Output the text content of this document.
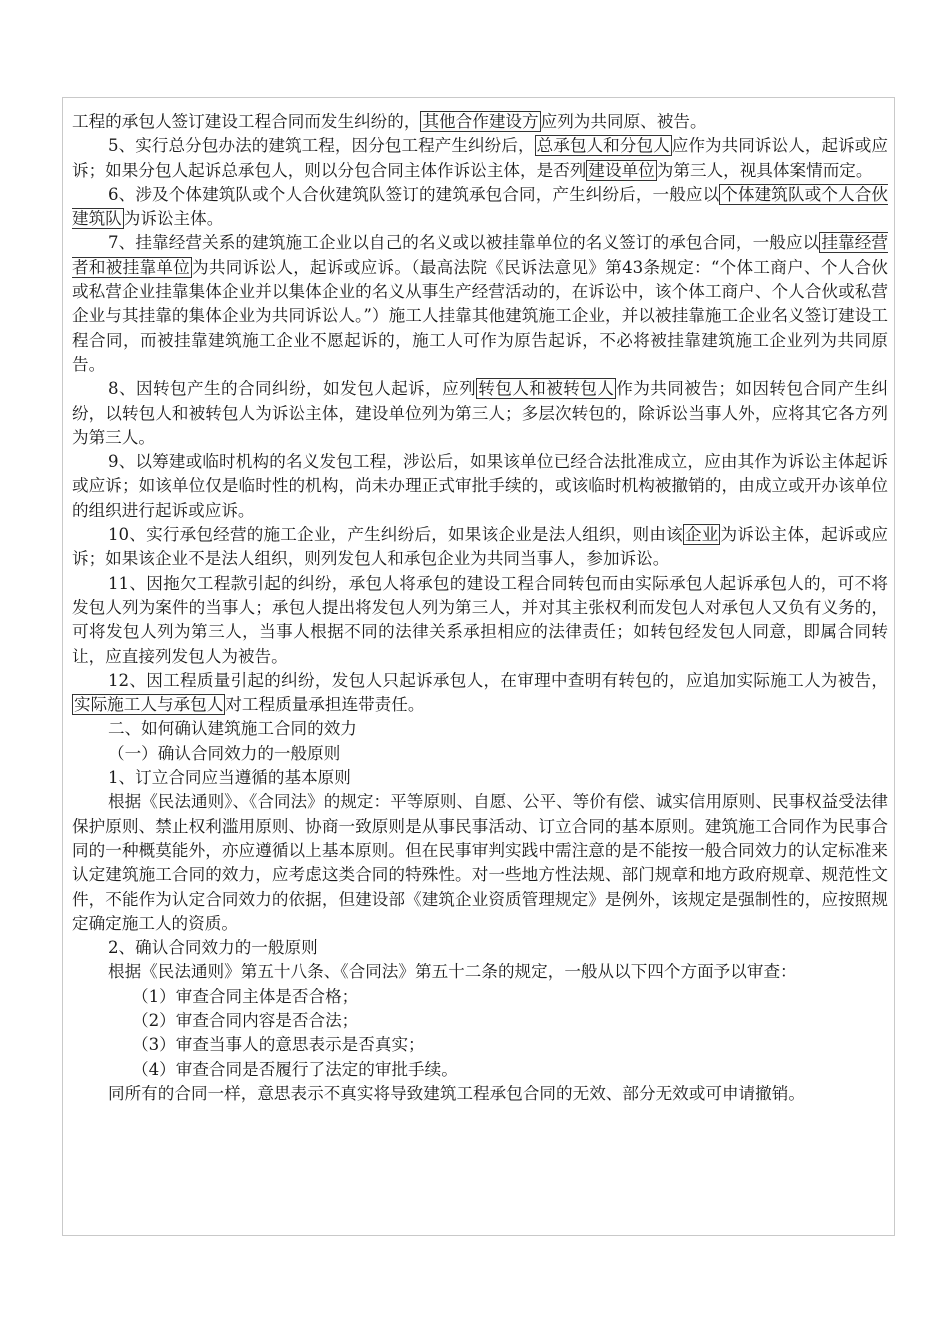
工程的承包人签订建设工程合同而发生纠纷的， 其他合作建设方 应列为共同原、被告。

5、实行总分包办法的建筑工程，因分包工程产生纠纷后， 总承包人和分包人 应作为共同诉讼人，起诉或应诉；如果分包人起诉总承包人，则以分包合同主体作诉讼主体，是否列 建设单位 为第三人，视具体案情而定。

6、涉及个体建筑队或个人合伙建筑队签订的建筑承包合同，产生纠纷后，一般应以 个体建筑队或个人合伙建筑队 为诉讼主体。

7、挂靠经营关系的建筑施工企业以自己的名义或以被挂靠单位的名义签订的承包合同，一般应以 挂靠经营者和被挂靠单位 为共同诉讼人，起诉或应诉。（最高法院《民诉法意见》第43条规定：“个体工商户、个人合伙或私营企业挂靠集体企业并以集体企业的名义从事生产经营活动的，在诉讼中，该个体工商户、个人合伙或私营企业与其挂靠的集体企业为共同诉讼人。”）施工人挂靠其他建筑施工企业，并以被挂靠施工企业名义签订建设工程合同，而被挂靠建筑施工企业不愿起诉的，施工人可作为原告起诉，不必将被挂靠建筑施工企业列为共同原告。

8、因转包产生的合同纠纷，如发包人起诉，应列 转包人和被转包人 作为共同被告；如因转包合同产生纠纷，以转包人和被转包人为诉讼主体，建设单位列为第三人；多层次转包的，除诉讼当事人外，应将其它各方列为第三人。

9、以筹建或临时机构的名义发包工程，涉讼后，如果该单位已经合法批准成立，应由其作为诉讼主体起诉或应诉；如该单位仅是临时性的机构，尚未办理正式审批手续的，或该临时机构被撤销的，由成立或开办该单位的组织进行起诉或应诉。

10、实行承包经营的施工企业，产生纠纷后，如果该企业是法人组织，则由该 企业 为诉讼主体，起诉或应诉；如果该企业不是法人组织，则列发包人和承包企业为共同当事人，参加诉讼。

11、因拖欠工程款引起的纠纷，承包人将承包的建设工程合同转包而由实际承包人起诉承包人的，可不将发包人列为案件的当事人；承包人提出将发包人列为第三人，并对其主张权利而发包人对承包人又负有义务的，可将发包人列为第三人，当事人根据不同的法律关系承担相应的法律责任；如转包经发包人同意，即属合同转让，应直接列发包人为被告。

12、因工程质量引起的纠纷，发包人只起诉承包人，在审理中查明有转包的，应追加实际施工人为被告，实际施工人与承包人 对工程质量承担连带责任。

二、如何确认建筑施工合同的效力

（一）确认合同效力的一般原则

1、订立合同应当遵循的基本原则

根据《民法通则》、《合同法》的规定：平等原则、自愿、公平、等价有偿、诚实信用原则、民事权益受法律保护原则、禁止权利滥用原则、协商一致原则是从事民事活动、订立合同的基本原则。建筑施工合同作为民事合同的一种概莫能外，亦应遵循以上基本原则。但在民事审判实践中需注意的是不能按一般合同效力的认定标准来认定建筑施工合同的效力，应考虑这类合同的特殊性。对一些地方性法规、部门规章和地方政府规章、规范性文件，不能作为认定合同效力的依据，但建设部《建筑企业资质管理规定》是例外，该规定是强制性的，应按照规定确定施工人的资质。

2、确认合同效力的一般原则

根据《民法通则》第五十八条、《合同法》第五十二条的规定，一般从以下四个方面予以审查：

（1）审查合同主体是否合格；

（2）审查合同内容是否合法；

（3）审查当事人的意思表示是否真实；

（4）审查合同是否履行了法定的审批手续。

同所有的合同一样，意思表示不真实将导致建筑工程承包合同的无效、部分无效或可申请撤销。
